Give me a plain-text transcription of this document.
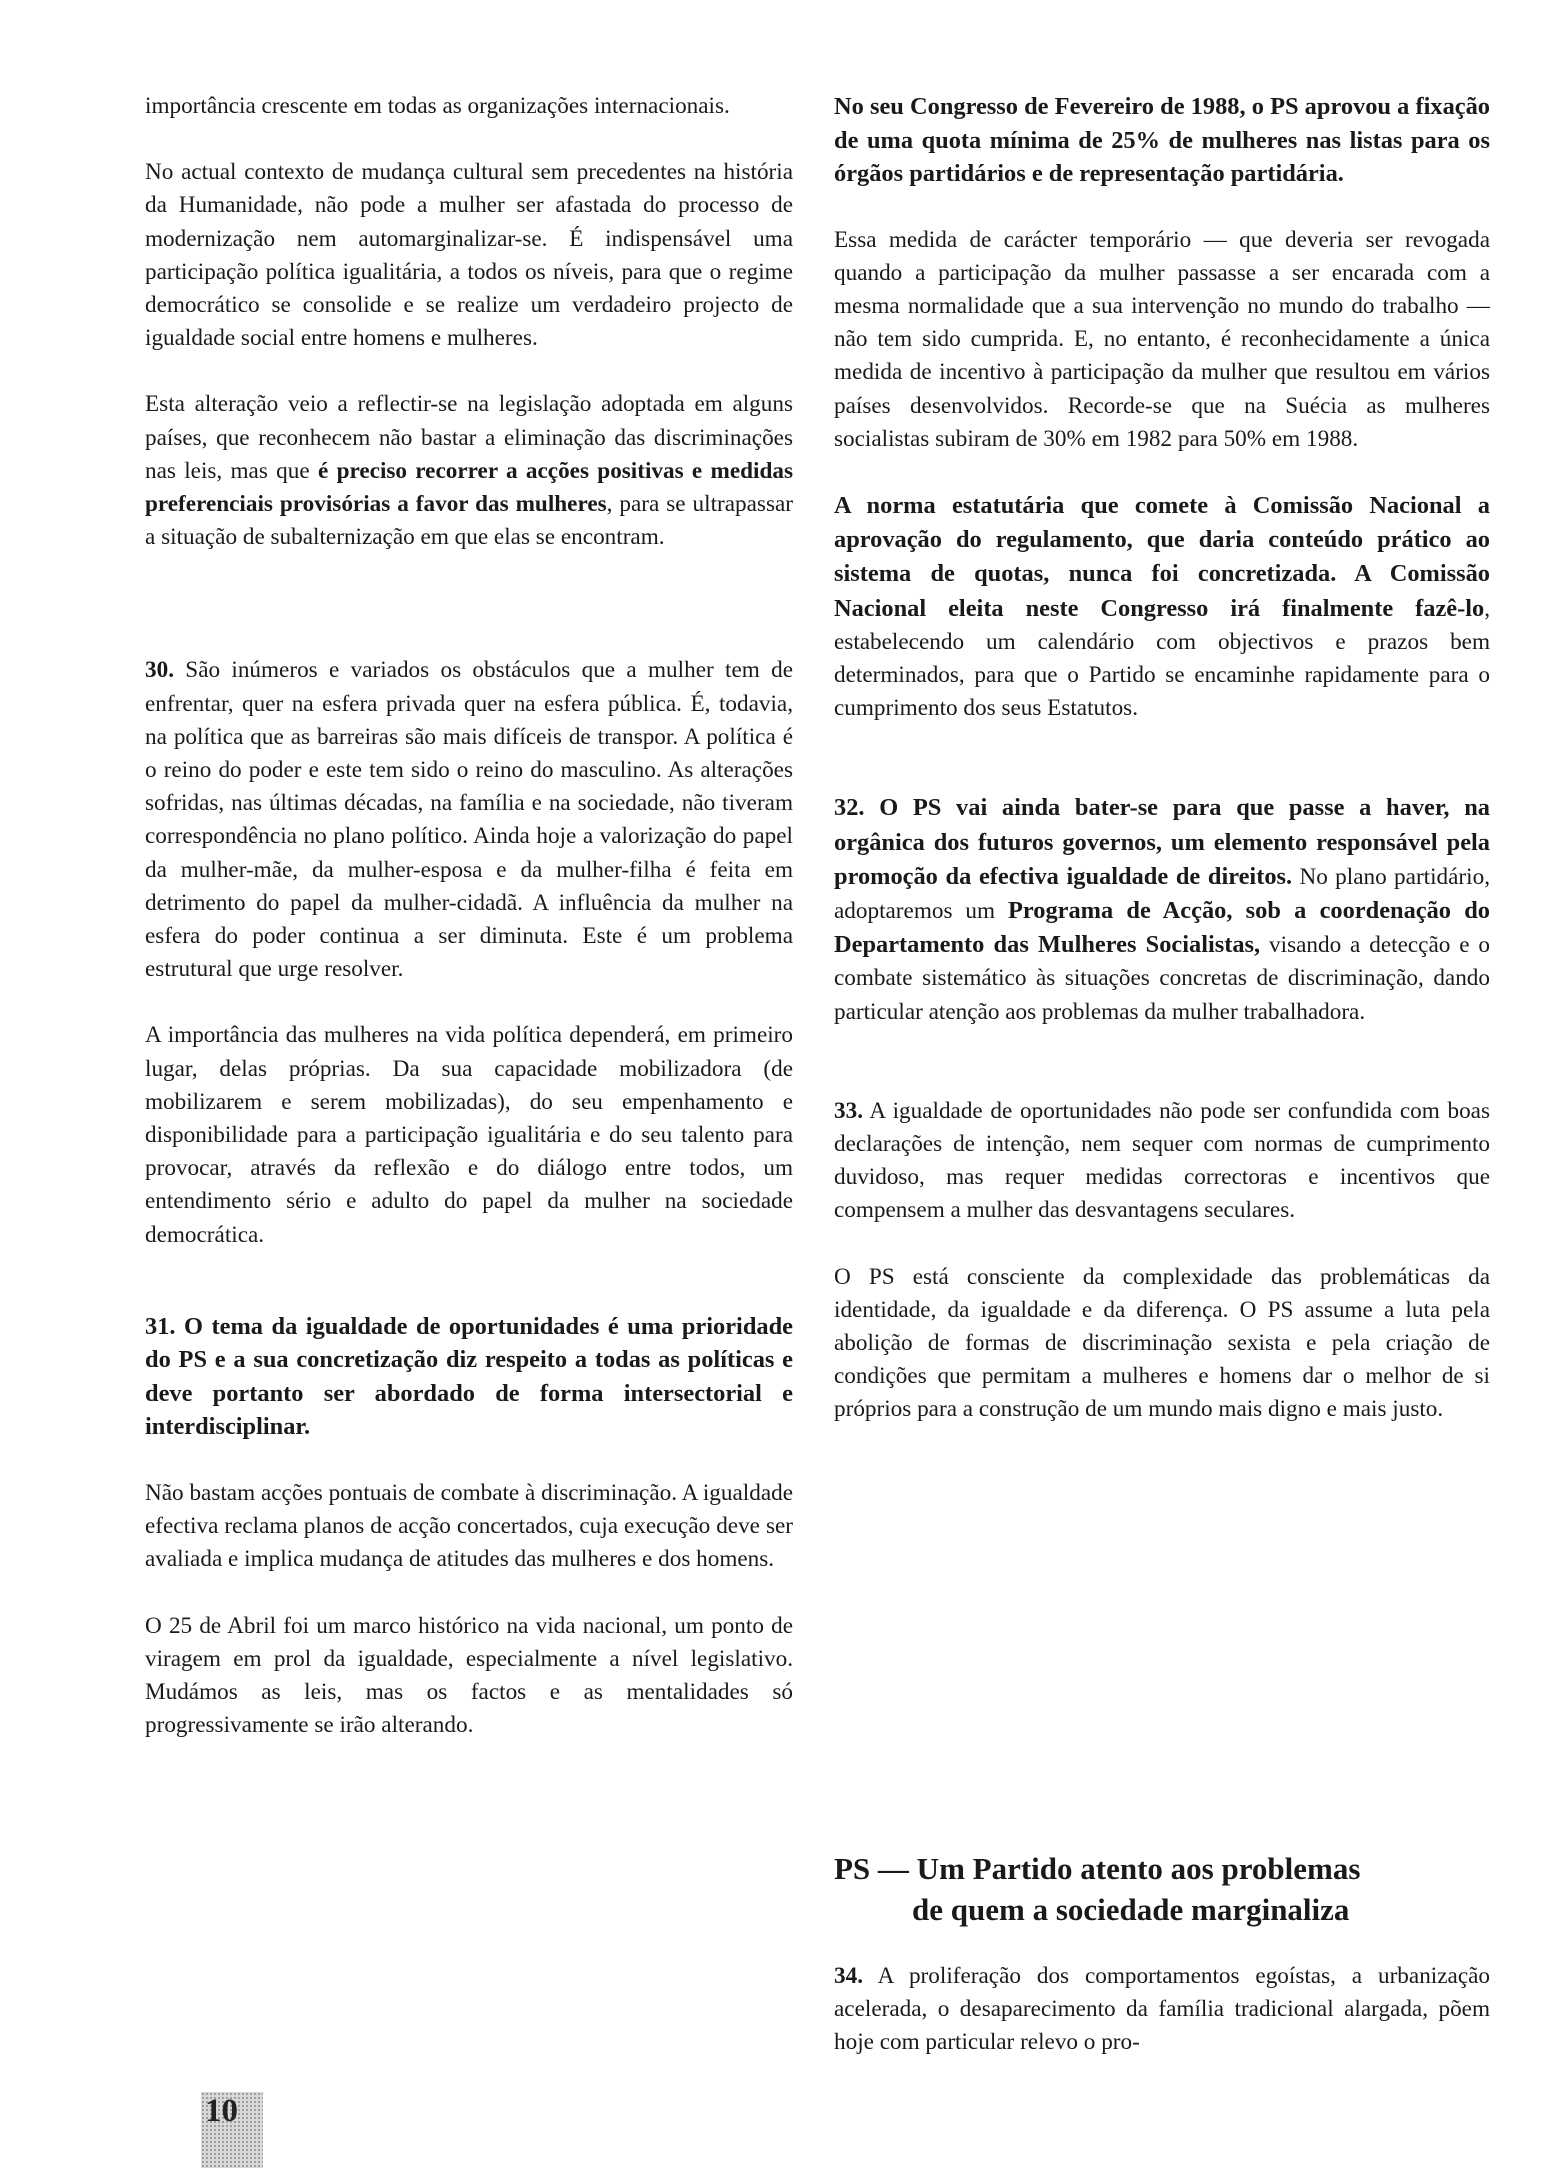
importância crescente em todas as organizações internacionais.

No actual contexto de mudança cultural sem precedentes na história da Humanidade, não pode a mulher ser afastada do processo de modernização nem automarginalizar-se. É indispensável uma participação política igualitária, a todos os níveis, para que o regime democrático se consolide e se realize um verdadeiro projecto de igualdade social entre homens e mulheres.

Esta alteração veio a reflectir-se na legislação adoptada em alguns países, que reconhecem não bastar a eliminação das discriminações nas leis, mas que é preciso recorrer a acções positivas e medidas preferenciais provisórias a favor das mulheres, para se ultrapassar a situação de subalternização em que elas se encontram.

30. São inúmeros e variados os obstáculos que a mulher tem de enfrentar, quer na esfera privada quer na esfera pública. É, todavia, na política que as barreiras são mais difíceis de transpor. A política é o reino do poder e este tem sido o reino do masculino. As alterações sofridas, nas últimas décadas, na família e na sociedade, não tiveram correspondência no plano político. Ainda hoje a valorização do papel da mulher-mãe, da mulher-esposa e da mulher-filha é feita em detrimento do papel da mulher-cidadã. A influência da mulher na esfera do poder continua a ser diminuta. Este é um problema estrutural que urge resolver.

A importância das mulheres na vida política dependerá, em primeiro lugar, delas próprias. Da sua capacidade mobilizadora (de mobilizarem e serem mobilizadas), do seu empenhamento e disponibilidade para a participação igualitária e do seu talento para provocar, através da reflexão e do diálogo entre todos, um entendimento sério e adulto do papel da mulher na sociedade democrática.

31. O tema da igualdade de oportunidades é uma prioridade do PS e a sua concretização diz respeito a todas as políticas e deve portanto ser abordado de forma intersectorial e interdisciplinar.

Não bastam acções pontuais de combate à discriminação. A igualdade efectiva reclama planos de acção concertados, cuja execução deve ser avaliada e implica mudança de atitudes das mulheres e dos homens.

O 25 de Abril foi um marco histórico na vida nacional, um ponto de viragem em prol da igualdade, especialmente a nível legislativo. Mudámos as leis, mas os factos e as mentalidades só progressivamente se irão alterando.

No seu Congresso de Fevereiro de 1988, o PS aprovou a fixação de uma quota mínima de 25% de mulheres nas listas para os órgãos partidários e de representação partidária.

Essa medida de carácter temporário — que deveria ser revogada quando a participação da mulher passasse a ser encarada com a mesma normalidade que a sua intervenção no mundo do trabalho — não tem sido cumprida. E, no entanto, é reconhecidamente a única medida de incentivo à participação da mulher que resultou em vários países desenvolvidos. Recorde-se que na Suécia as mulheres socialistas subiram de 30% em 1982 para 50% em 1988.

A norma estatutária que comete à Comissão Nacional a aprovação do regulamento, que daria conteúdo prático ao sistema de quotas, nunca foi concretizada. A Comissão Nacional eleita neste Congresso irá finalmente fazê-lo, estabelecendo um calendário com objectivos e prazos bem determinados, para que o Partido se encaminhe rapidamente para o cumprimento dos seus Estatutos.

32. O PS vai ainda bater-se para que passe a haver, na orgânica dos futuros governos, um elemento responsável pela promoção da efectiva igualdade de direitos. No plano partidário, adoptaremos um Programa de Acção, sob a coordenação do Departamento das Mulheres Socialistas, visando a detecção e o combate sistemático às situações concretas de discriminação, dando particular atenção aos problemas da mulher trabalhadora.

33. A igualdade de oportunidades não pode ser confundida com boas declarações de intenção, nem sequer com normas de cumprimento duvidoso, mas requer medidas correctoras e incentivos que compensem a mulher das desvantagens seculares.

O PS está consciente da complexidade das problemáticas da identidade, da igualdade e da diferença. O PS assume a luta pela abolição de formas de discriminação sexista e pela criação de condições que permitam a mulheres e homens dar o melhor de si próprios para a construção de um mundo mais digno e mais justo.

PS — Um Partido atento aos problemas
de quem a sociedade marginaliza

34. A proliferação dos comportamentos egoístas, a urbanização acelerada, o desaparecimento da família tradicional alargada, põem hoje com particular relevo o pro-

10
